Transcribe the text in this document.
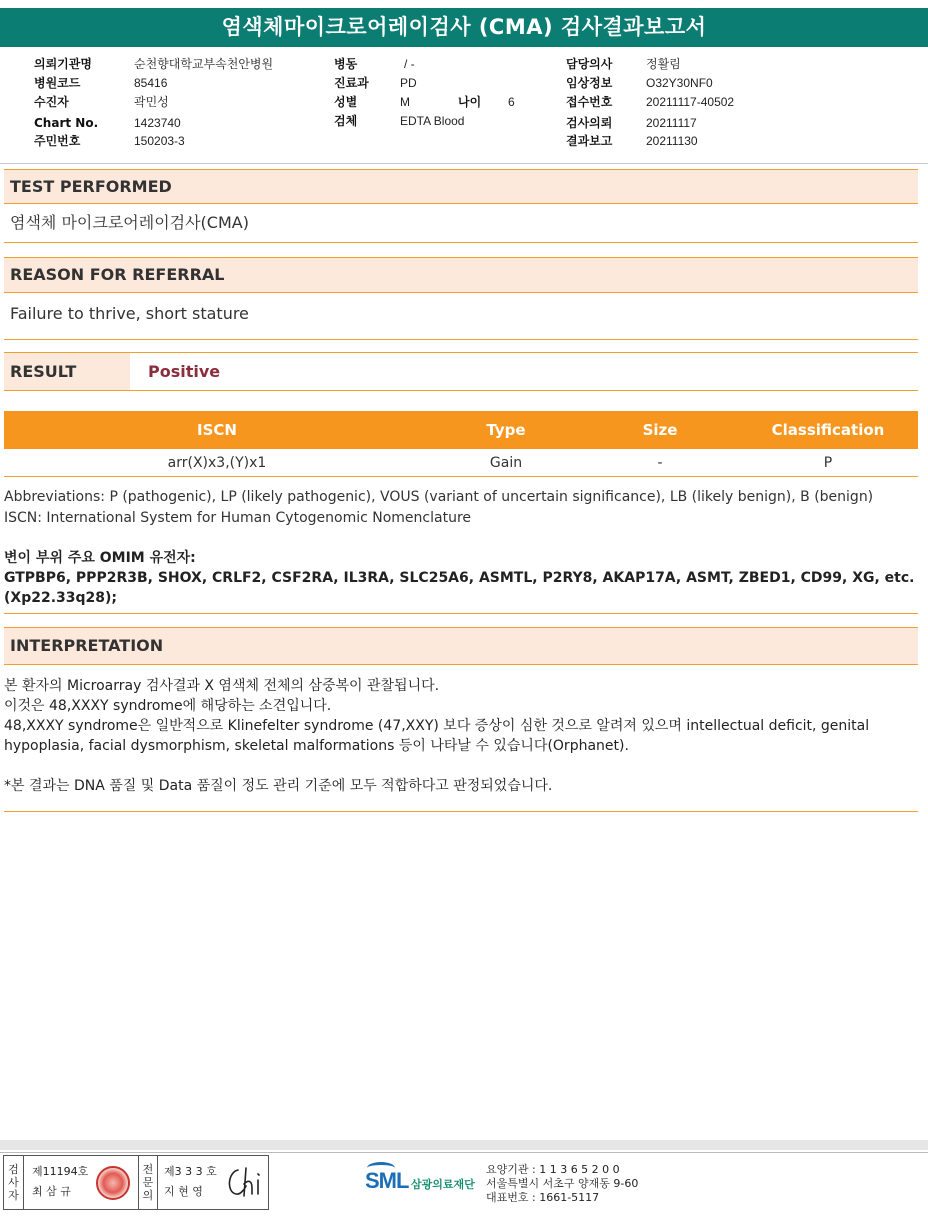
염색체마이크로어레이검사 (CMA) 검사결과보고서
의뢰기관명	순천향대학교부속천안병원
병원코드	85416
수진자	곽민성
Chart No.	1423740
주민번호	150203-3
병동	/ -
진료과	PD
성별	M	나이 6
검체	EDTA Blood
담당의사	정활림
임상정보	O32Y30NF0
접수번호	20211117-40502
검사의뢰	20211117
결과보고	20211130
TEST PERFORMED
염색체 마이크로어레이검사(CMA)
REASON FOR REFERRAL
Failure to thrive, short stature
RESULT	Positive
ISCN	Type	Size	Classification
arr(X)x3,(Y)x1	Gain	-	P
Abbreviations: P (pathogenic), LP (likely pathogenic), VOUS (variant of uncertain significance), LB (likely benign), B (benign)
ISCN: International System for Human Cytogenomic Nomenclature
변이 부위 주요 OMIM 유전자:
GTPBP6, PPP2R3B, SHOX, CRLF2, CSF2RA, IL3RA, SLC25A6, ASMTL, P2RY8, AKAP17A, ASMT, ZBED1, CD99, XG, etc.
(Xp22.33q28);
INTERPRETATION

본 환자의 Microarray 검사결과 X 염색체 전체의 삼중복이 관찰됩니다.

이것은 48,XXXY syndrome에 해당하는 소견입니다.

48,XXXY syndrome은 일반적으로 Klinefelter syndrome (47,XXY) 보다 증상이 심한 것으로 알려져 있으며 intellectual deficit, genital hypoplasia, facial dysmorphism, skeletal malformations 등이 나타날 수 있습니다(Orphanet).

*본 결과는 DNA 품질 및 Data 품질이 정도 관리 기준에 모두 적합하다고 판정되었습니다.

검
사
자
제11194호
최 삼 규
전
문
의
제3 3 3 호
지 현 영	SML 삼광의료재단
요양기관 : 1 1 3 6 5 2 0 0
서울특별시 서초구 양재동 9-60
대표번호 : 1661-5117
